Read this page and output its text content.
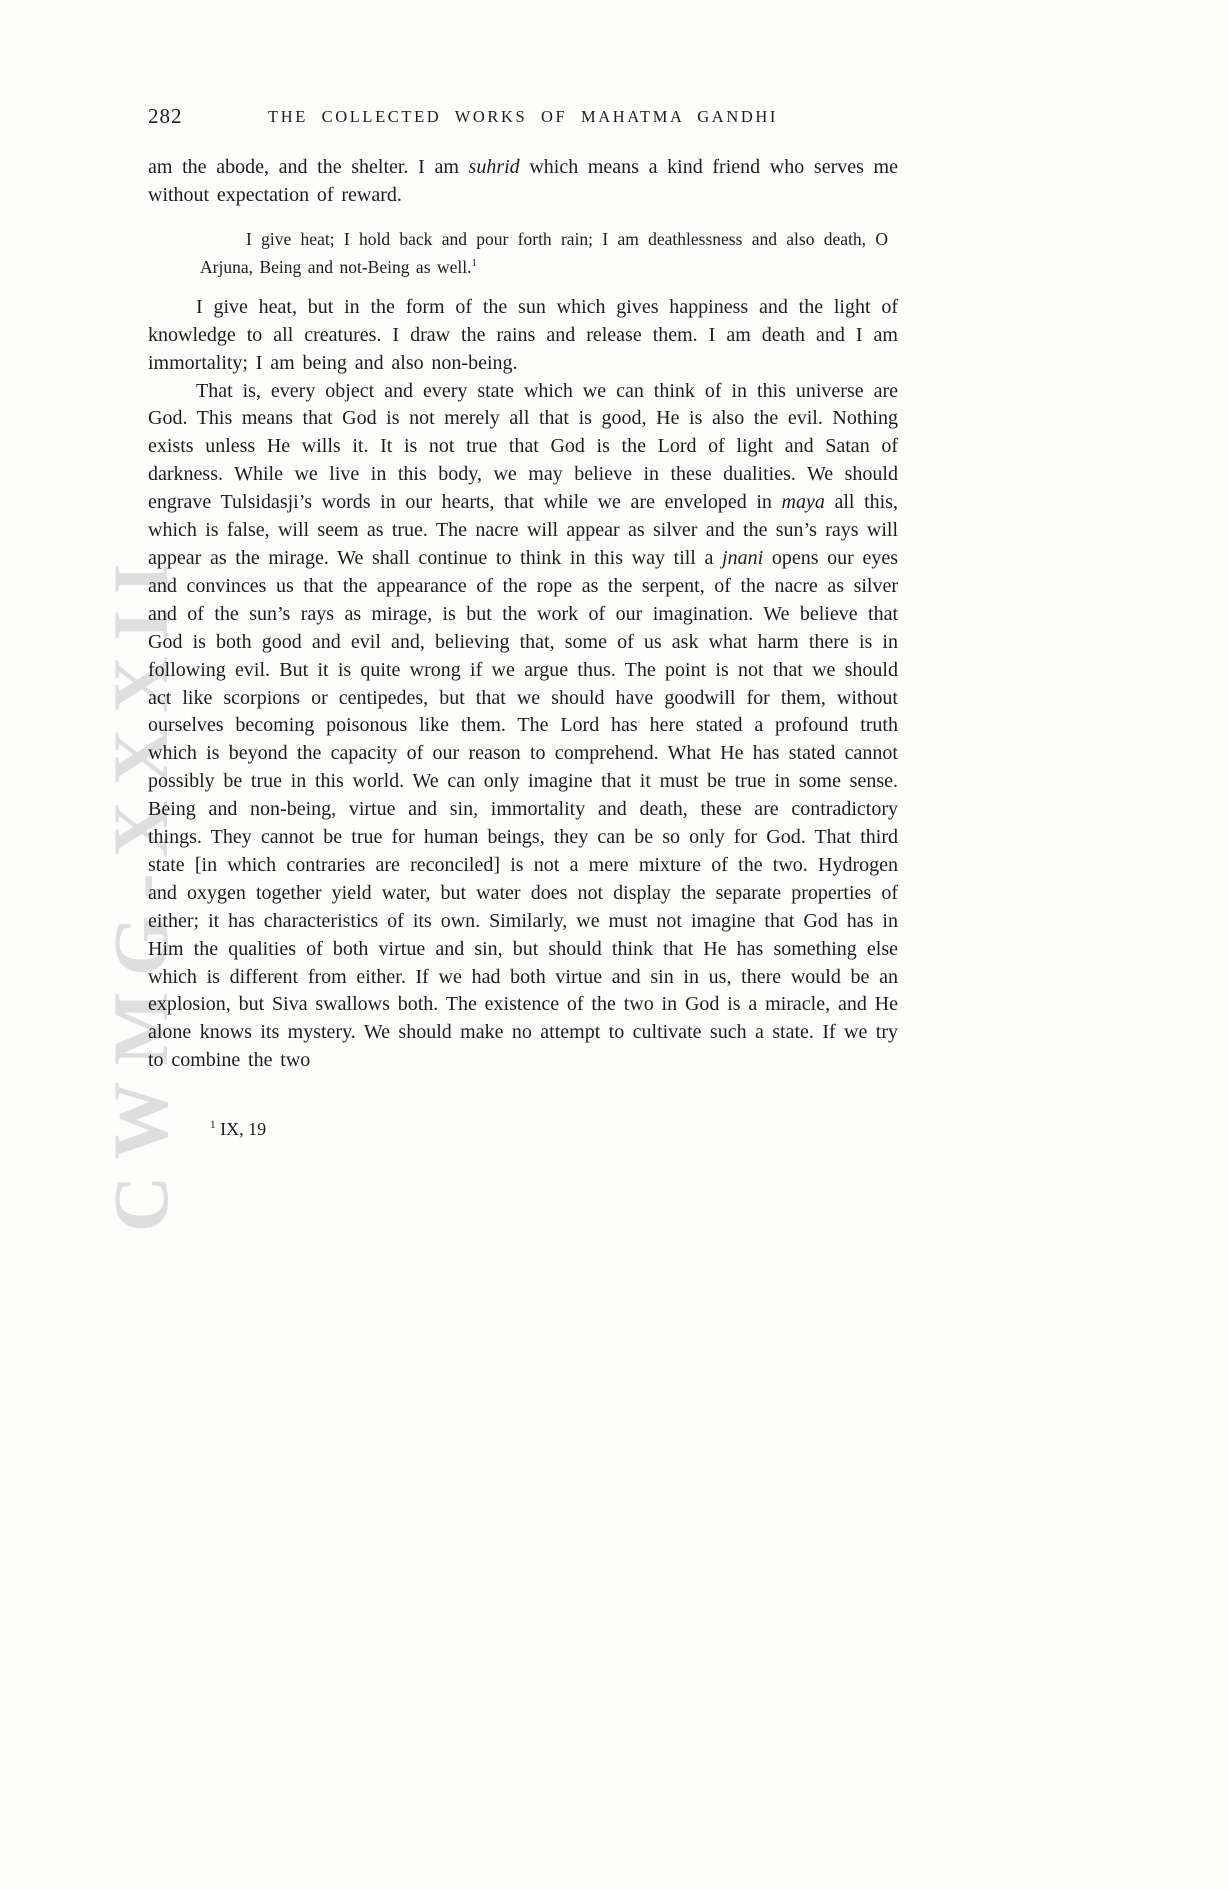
CWMG-XXXII
282	THE COLLECTED WORKS OF MAHATMA GANDHI

am the abode, and the shelter. I am suhrid which means a kind friend who serves me without expectation of reward.

I give heat; I hold back and pour forth rain; I am deathlessness and also death, O Arjuna, Being and not-Being as well.$^1$

I give heat, but in the form of the sun which gives happiness and the light of knowledge to all creatures. I draw the rains and release them. I am death and I am immortality; I am being and also non-being.

That is, every object and every state which we can think of in this universe are God. This means that God is not merely all that is good, He is also the evil. Nothing exists unless He wills it. It is not true that God is the Lord of light and Satan of darkness. While we live in this body, we may believe in these dualities. We should engrave Tulsidasji’s words in our hearts, that while we are enveloped in maya all this, which is false, will seem as true. The nacre will appear as silver and the sun’s rays will appear as the mirage. We shall continue to think in this way till a jnani opens our eyes and convinces us that the appearance of the rope as the serpent, of the nacre as silver and of the sun’s rays as mirage, is but the work of our imagination. We believe that God is both good and evil and, believing that, some of us ask what harm there is in following evil. But it is quite wrong if we argue thus. The point is not that we should act like scorpions or centipedes, but that we should have goodwill for them, without ourselves becoming poisonous like them. The Lord has here stated a profound truth which is beyond the capacity of our reason to comprehend. What He has stated cannot possibly be true in this world. We can only imagine that it must be true in some sense. Being and non-being, virtue and sin, immortality and death, these are contradictory things. They cannot be true for human beings, they can be so only for God. That third state [in which contraries are reconciled] is not a mere mixture of the two. Hydrogen and oxygen together yield water, but water does not display the separate properties of either; it has characteristics of its own. Similarly, we must not imagine that God has in Him the qualities of both virtue and sin, but should think that He has something else which is different from either. If we had both virtue and sin in us, there would be an explosion, but Siva swallows both. The existence of the two in God is a miracle, and He alone knows its mystery. We should make no attempt to cultivate such a state. If we try to combine the two

$^1$ IX, 19
